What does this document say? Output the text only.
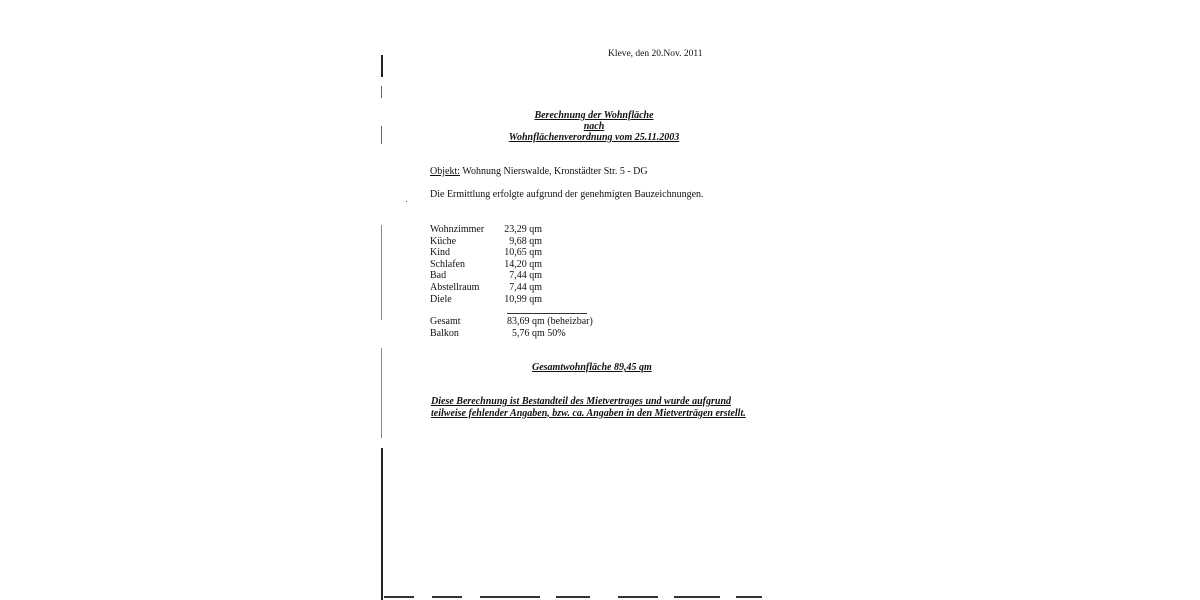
Kleve, den 20.Nov. 2011
Berechnung der Wohnfläche
nach
Wohnflächenverordnung vom 25.11.2003
Objekt: Wohnung Nierswalde, Kronstädter Str. 5 - DG
Die Ermittlung erfolgte aufgrund der genehmigten Bauzeichnungen.
Wohnzimmer 23,29 qm
Küche	9,68 qm
Kind	10,65 qm
Schlafen	14,20 qm
Bad	7,44 qm
Abstellraum	7,44 qm
Diele	10,99 qm
Gesamt	83,69 qm (beheizbar)
Balkon	5,76 qm 50%
Gesamtwohnfläche 89,45 qm
Diese Berechnung ist Bestandteil des Mietvertrages und wurde aufgrund
teilweise fehlender Angaben, bzw. ca. Angaben in den Mietverträgen erstellt.
